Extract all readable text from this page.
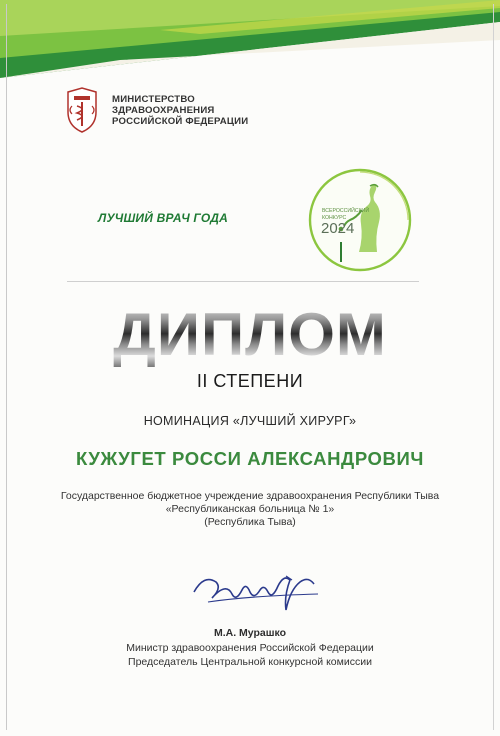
МИНИСТЕРСТВО
ЗДРАВООХРАНЕНИЯ
РОССИЙСКОЙ ФЕДЕРАЦИИ
ЛУЧШИЙ ВРАЧ ГОДА	ВСЕРОССИЙСКИЙ КОНКУРС
2024
ДИПЛОМ
II СТЕПЕНИ
НОМИНАЦИЯ «ЛУЧШИЙ ХИРУРГ»
КУЖУГЕТ РОССИ АЛЕКСАНДРОВИЧ
Государственное бюджетное учреждение здравоохранения Республики Тыва
«Республиканская больница № 1»
(Республика Тыва)
М.А. Мурашко
Министр здравоохранения Российской Федерации
Председатель Центральной конкурсной комиссии
